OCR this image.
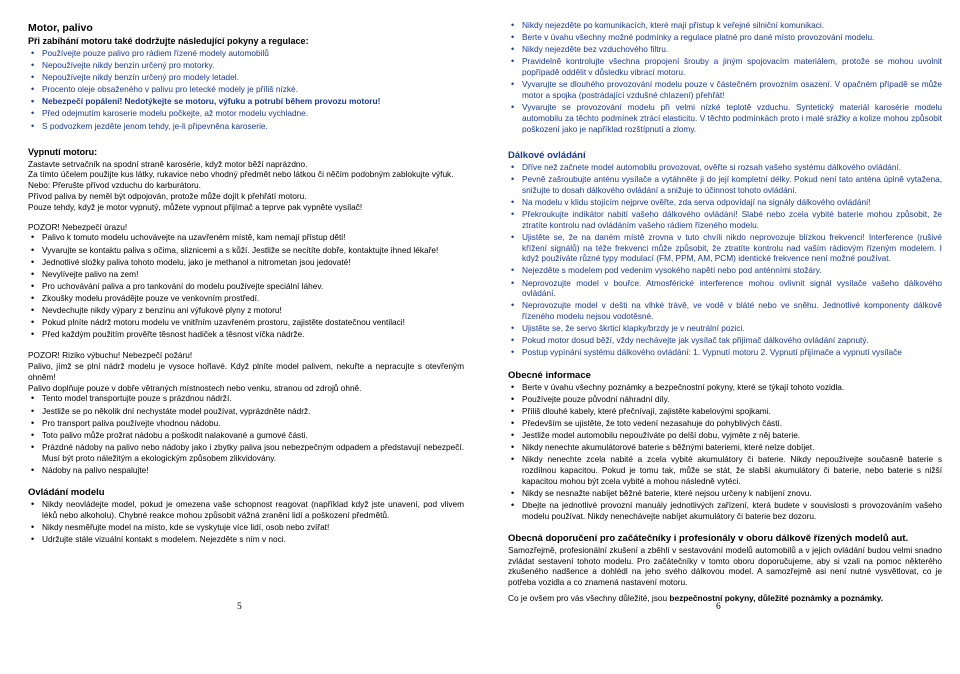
Motor, palivo
Při zabíhání motoru také dodržujte následující pokyny a regulace:
• Používejte pouze palivo pro rádiem řízené modely automobilů
• Nepoužívejte nikdy benzín určený pro motorky.
• Nepoužívejte nikdy benzín určený pro modely letadel.
• Procento oleje obsaženého v palivu pro letecké modely je příliš nízké.
• Nebezpečí popálení! Nedotýkejte se motoru, výfuku a potrubí během provozu motoru!
• Před odejmutím karoserie modelu počkejte, až motor modelu vychladne.
• S podvozkem jezděte jenom tehdy, je-li připevněna karoserie.
Vypnutí motoru:

Zastavte setrvačník na spodní straně karosérie, když motor běží naprázdno.

Za tímto účelem použijte kus látky, rukavice nebo vhodný předmět nebo látkou či něčím podobným zablokujte výfuk.

Nebo: Přerušte přívod vzduchu do karburátoru.

Přívod paliva by neměl být odpojován, protože může dojít k přehřátí motoru.

Pouze tehdy, když je motor vypnutý, můžete vypnout přijímač a teprve pak vypněte vysílač!

POZOR! Nebezpečí úrazu!

• Palivo k tomuto modelu uchovávejte na uzavřeném místě, kam nemají přístup děti!
• Vyvarujte se kontaktu paliva s očima, sliznicemi a s kůží. Jestliže se necítíte dobře, kontaktujte ihned lékaře!
• Jednotlivé složky paliva tohoto modelu, jako je methanol a nitrometan jsou jedovaté!
• Nevylívejte palivo na zem!
• Pro uchovávání paliva a pro tankování do modelu používejte speciální láhev.
• Zkoušky modelu provádějte pouze ve venkovním prostředí.
• Nevdechujte nikdy výpary z benzínu ani výfukové plyny z motoru!
• Pokud plníte nádrž motoru modelu ve vnitřním uzavřeném prostoru, zajistěte dostatečnou ventilaci!
• Před každým použitím prověřte těsnost hadiček a těsnost víčka nádrže.

POZOR! Riziko výbuchu! Nebezpečí požáru!

Palivo, jímž se plní nádrž modelu je vysoce hořlavé. Když plníte model palivem, nekuřte a nepracujte s otevřeným ohněm!

Palivo doplňuje pouze v dobře větraných místnostech nebo venku, stranou od zdrojů ohně.

• Tento model transportujte pouze s prázdnou nádrží.
• Jestliže se po několik dní nechystáte model používat, vyprázdněte nádrž.
• Pro transport paliva používejte vhodnou nádobu.
• Toto palivo může prožrat nádobu a poškodit nalakované a gumové části.
• Prázdné nádoby na palivo nebo nádoby jako i zbytky paliva jsou nebezpečným odpadem a představují nebezpečí. Musí být proto náležitým a ekologickým způsobem zlikvidovány.
• Nádoby na palivo nespalujte!
Ovládání modelu
• Nikdy neovládejte model, pokud je omezena vaše schopnost reagovat (například když jste unavení, pod vlivem léků nebo alkoholu). Chybné reakce mohou způsobit vážná zranění lidí a poškození předmětů.
• Nikdy nesměřujte model na místo, kde se vyskytuje více lidí, osob nebo zvířat!
• Udržujte stále vizuální kontakt s modelem. Nejezděte s ním v noci.
5
• Nikdy nejezděte po komunikacích, které mají přístup k veřejné silniční komunikaci.
• Berte v úvahu všechny možné podmínky a regulace platné pro dané místo provozování modelu.
• Nikdy nejezděte bez vzduchového filtru.
• Pravidelně kontrolujte všechna propojení šrouby a jiným spojovacím materiálem, protože se mohou uvolnit popřípadě oddělit v důsledku vibrací motoru.
• Vyvarujte se dlouhého provozování modelu pouze v částečném provozním osazení. V opačném případě se může motor a spojka (postrádající vzdušné chlazení) přehřát!
• Vyvarujte se provozování modelu při velmi nízké teplotě vzduchu. Syntetický materiál karosérie modelu automobilu za těchto podmínek ztrácí elasticitu. V těchto podmínkách proto i malé srážky a kolize mohou způsobit poškození jako je například rozštípnutí a zlomy.
Dálkové ovládání
• Dříve než začnete model automobilu provozovat, ověřte si rozsah vašeho systému dálkového ovládání.
• Pevně zašroubujte anténu vysílače a vytáhněte ji do její kompletní délky. Pokud není tato anténa úplně vytažena, snižujte to dosah dálkového ovládání a snižuje to účinnost tohoto ovládání.
• Na modelu v klidu stojícím nejprve ověřte, zda serva odpovídají na signály dálkového ovládání!
• Překroukujte indikátor nabití vašeho dálkového ovládání! Slabé nebo zcela vybité baterie mohou způsobit, že ztratíte kontrolu nad ovládáním vašeho rádiem řízeného modelu.
• Ujistěte se, že na daném místě zrovna v tuto chvíli nikdo neprovozuje blízkou frekvenci! Interference (rušivé křížení signálů) na téže frekvenci může způsobit, že ztratíte kontrolu nad vaším rádiovým řízeným modelem. I když používáte různé typy modulací (FM, PPM, AM, PCM) identické frekvence není možné používat.
• Nejezděte s modelem pod vedením vysokého napětí nebo pod anténními stožáry.
• Neprovozujte model v bouřce. Atmosférické interference mohou ovlivnit signál vysílače vašeho dálkového ovládání.
• Neprovozujte model v dešti na vlhké trávě, ve vodě v bláté nebo ve sněhu. Jednotlivé komponenty dálkově řízeného modelu nejsou vodotěsné.
• Ujistěte se, že servo škrticí klapky/brzdy je v neutrální pozici.
• Pokud motor dosud běží, vždy nechávejte jak vysílač tak přijímač dálkového ovládání zapnutý.
• Postup vypínání systému dálkového ovládání: 1. Vypnutí motoru 2. Vypnutí přijímače a vypnutí vysílače
Obecné informace
• Berte v úvahu všechny poznámky a bezpečnostní pokyny, které se týkají tohoto vozidla.
• Používejte pouze původní náhradní díly.
• Příliš dlouhé kabely, které přečnívají, zajistěte kabelovými spojkami.
• Především se ujistěte, že toto vedení nezasahuje do pohyblivých částí.
• Jestliže model automobilu nepoužíváte po delší dobu, vyjměte z něj baterie.
• Nikdy nenechte akumulátorové baterie s běžnými bateriemi, které nelze dobíjet.
• Nikdy nenechte zcela nabité a zcela vybité akumulátory či baterie. Nikdy nepoužívejte současně baterie s rozdílnou kapacitou. Pokud je tomu tak, může se stát, že slabší akumulátory či baterie, nebo baterie s nižší kapacitou mohou být zcela vybité a mohou následně vytéci.
• Nikdy se nesnažte nabíjet běžné baterie, které nejsou určeny k nabíjení znovu.
• Dbejte na jednotlivé provozní manuály jednotlivých zařízení, která budete v souvislosti s provozováním vašeho modelu používat. Nikdy nenechávejte nabíjet akumulátory či baterie bez dozoru.
Obecná doporučení pro začátečníky i profesionály v oboru dálkově řízených modelů aut.

Samozřejmě, profesionální zkušení a zběhlí v sestavování modelů automobilů a v jejich ovládání budou velmi snadno zvládat sestavení tohoto modelu. Pro začátečníky v tomto oboru doporučujeme, aby si vzali na pomoc některého zkušeného nadšence a dohlédl na jeho svého dálkovou model. A samozřejmě asi není nutné vysvětlovat, co je potřeba vozidla a co znamená nastavení motoru.

Co je ovšem pro vás všechny důležité, jsou bezpečnostní pokyny, důležité poznámky a poznámky.

6
